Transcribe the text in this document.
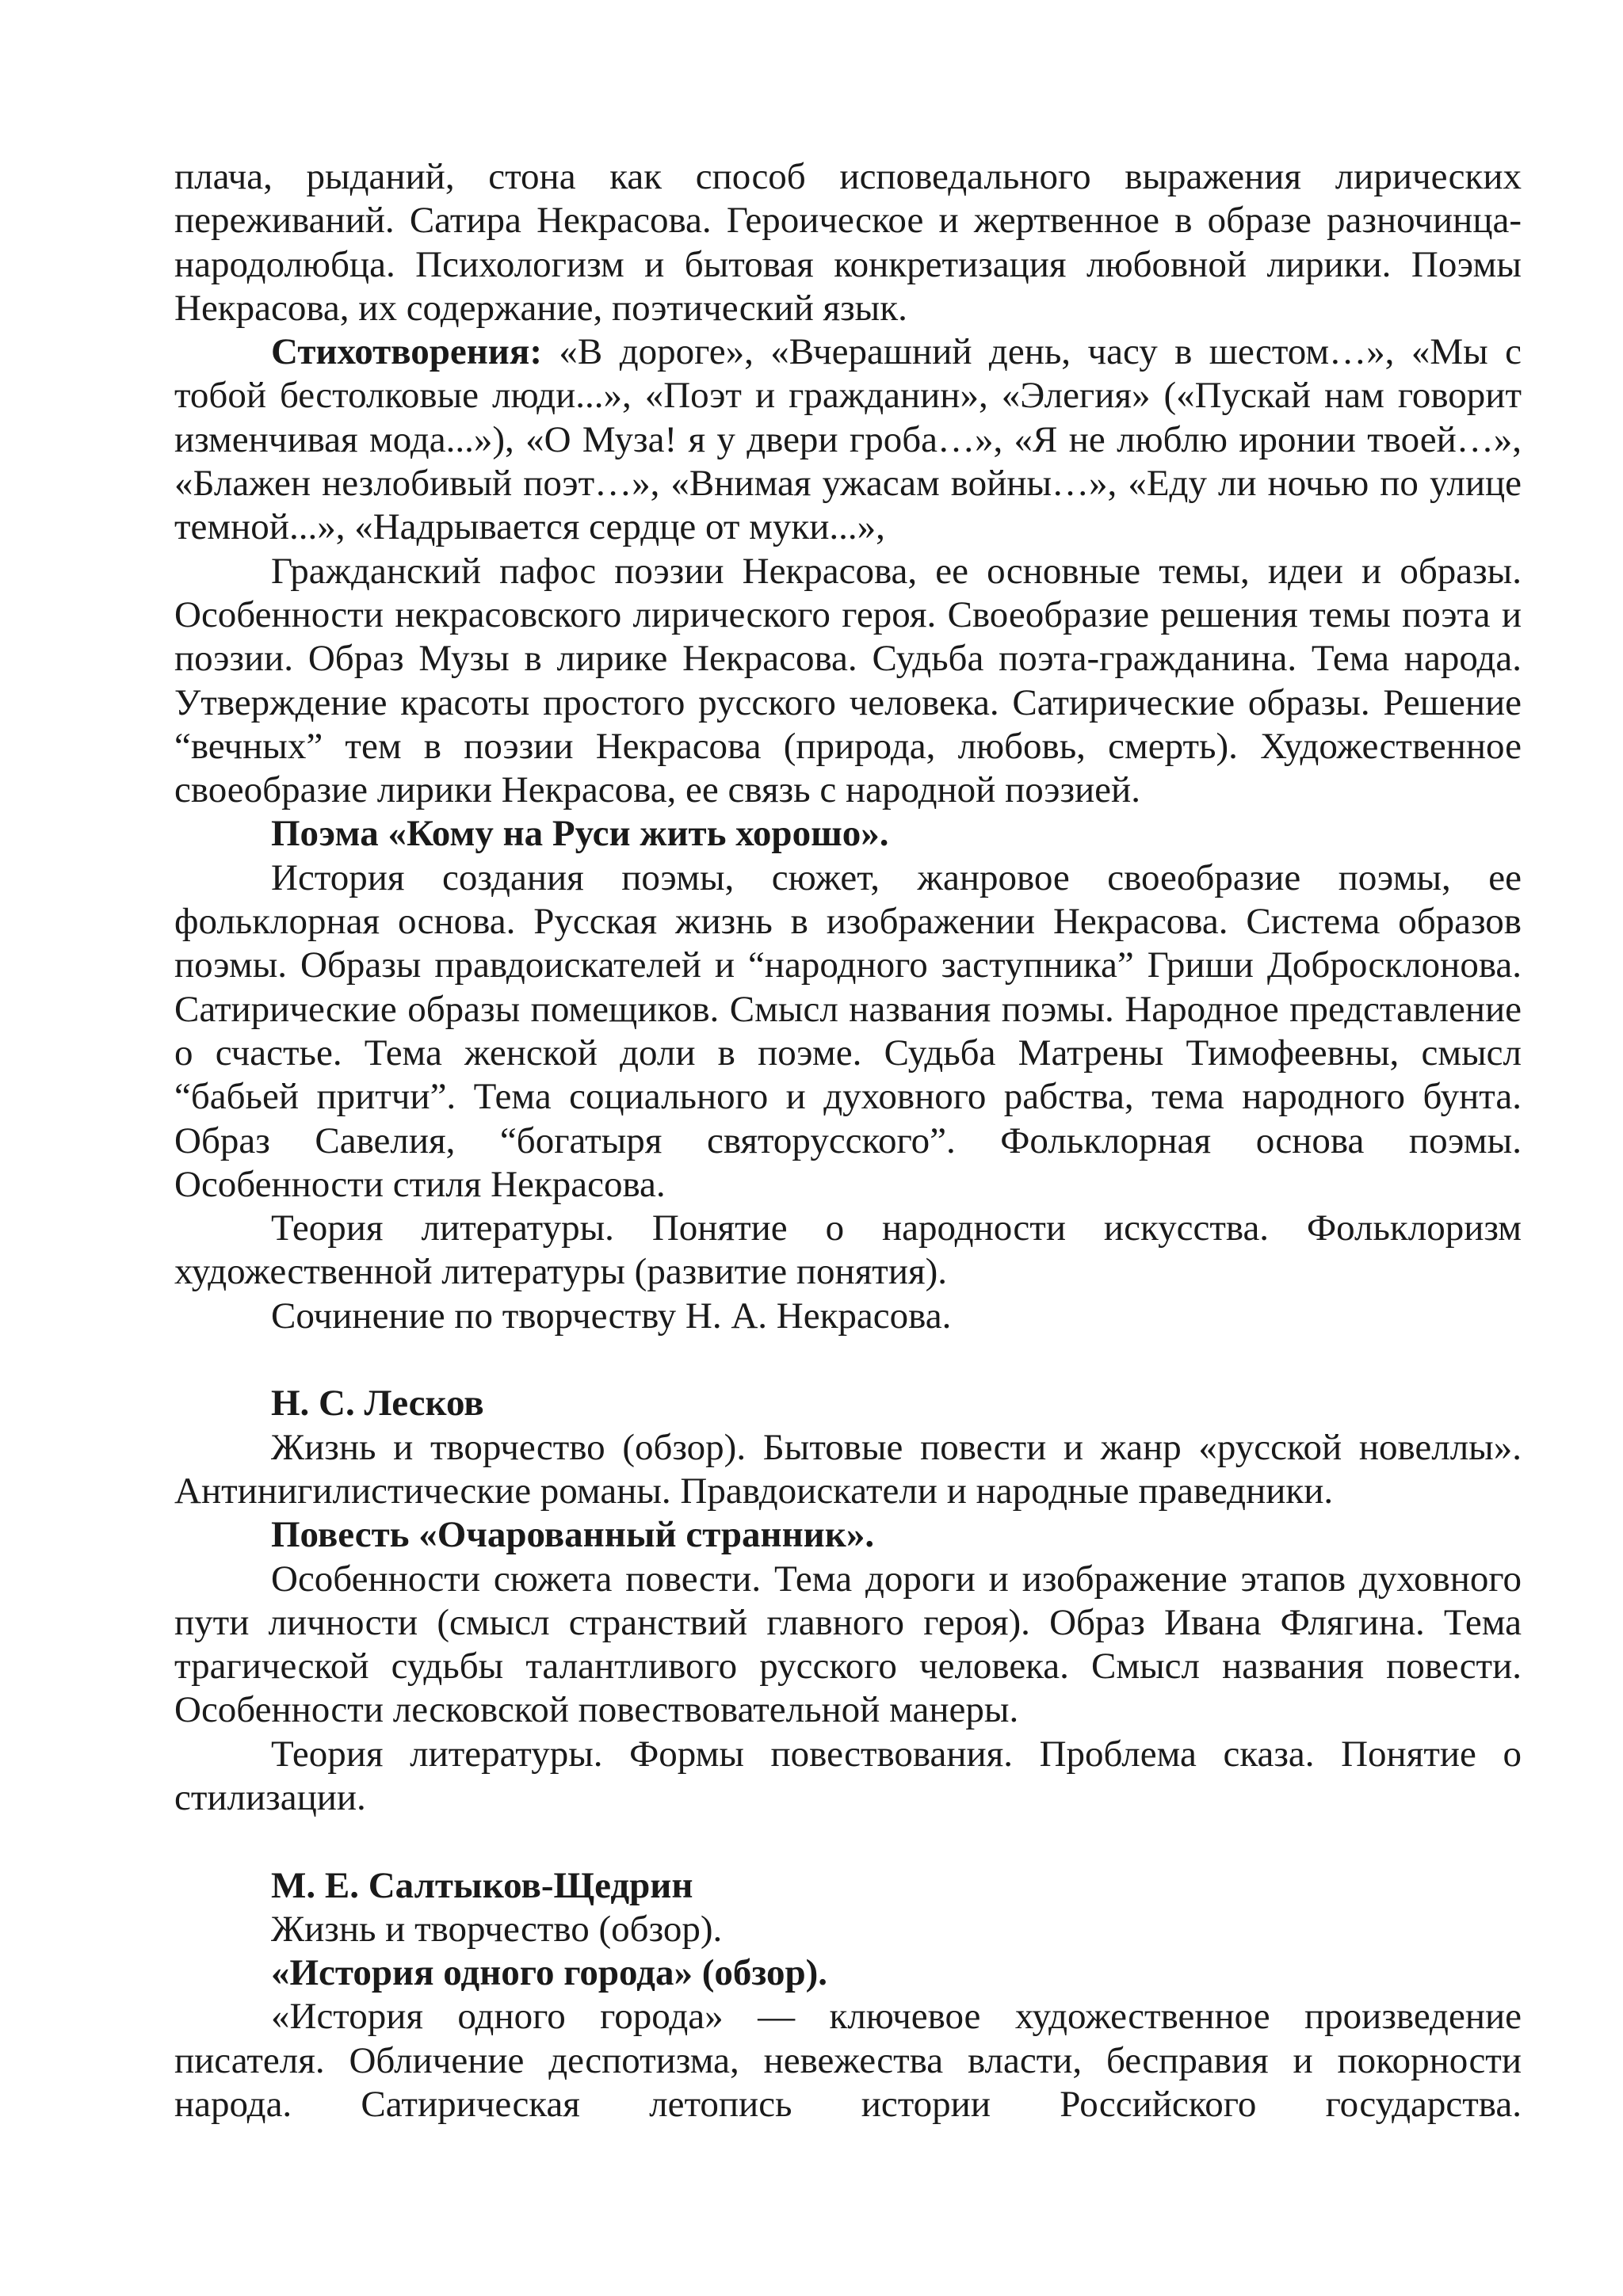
плача, рыданий, стона как способ исповедального выражения лирических переживаний. Сатира Некрасова. Героическое и жертвенное в образе разночинца-народолюбца. Психологизм и бытовая конкретизация любовной лирики. Поэмы Некрасова, их содержание, поэтический язык.

Стихотворения: «В дороге», «Вчерашний день, часу в шестом…», «Мы с тобой бестолковые люди...», «Поэт и гражданин», «Элегия» («Пускай нам говорит изменчивая мода...»), «О Муза! я у двери гроба…», «Я не люблю иронии твоей…», «Блажен незлобивый поэт…», «Внимая ужасам войны…», «Еду ли ночью по улице темной...», «Надрывается сердце от муки...»,

Гражданский пафос поэзии Некрасова, ее основные темы, идеи и образы. Особенности некрасовского лирического героя. Своеобразие решения темы поэта и поэзии. Образ Музы в лирике Некрасова. Судьба поэта-гражданина. Тема народа. Утверждение красоты простого русского человека. Сатирические образы. Решение “вечных” тем в поэзии Некрасова (природа, любовь, смерть). Художественное своеобразие лирики Некрасова, ее связь с народной поэзией.

Поэма «Кому на Руси жить хорошо».

История создания поэмы, сюжет, жанровое своеобразие поэмы, ее фольклорная основа. Русская жизнь в изображении Некрасова. Система образов поэмы. Образы правдоискателей и “народного заступника” Гриши Добросклонова. Сатирические образы помещиков. Смысл названия поэмы. Народное представление о счастье. Тема женской доли в поэме. Судьба Матрены Тимофеевны, смысл “бабьей притчи”. Тема социального и духовного рабства, тема народного бунта. Образ Савелия, “богатыря святорусского”. Фольклорная основа поэмы. Особенности стиля Некрасова.

Теория литературы. Понятие о народности искусства. Фольклоризм художественной литературы (развитие понятия).

Сочинение по творчеству Н. А. Некрасова.

Н. С. Лесков

Жизнь и творчество (обзор). Бытовые повести и жанр «русской новеллы». Антинигилистические романы. Правдоискатели и народные праведники.

Повесть «Очарованный странник».

Особенности сюжета повести. Тема дороги и изображение этапов духовного пути личности (смысл странствий главного героя). Образ Ивана Флягина. Тема трагической судьбы талантливого русского человека. Смысл названия повести. Особенности лесковской повествовательной манеры.

Теория литературы. Формы повествования. Проблема сказа. Понятие о стилизации.

М. Е. Салтыков-Щедрин

Жизнь и творчество (обзор).

«История одного города» (обзор).

«История одного города» — ключевое художественное произведение писателя. Обличение деспотизма, невежества власти, бесправия и покорности народа. Сатирическая летопись истории Российского государства.
